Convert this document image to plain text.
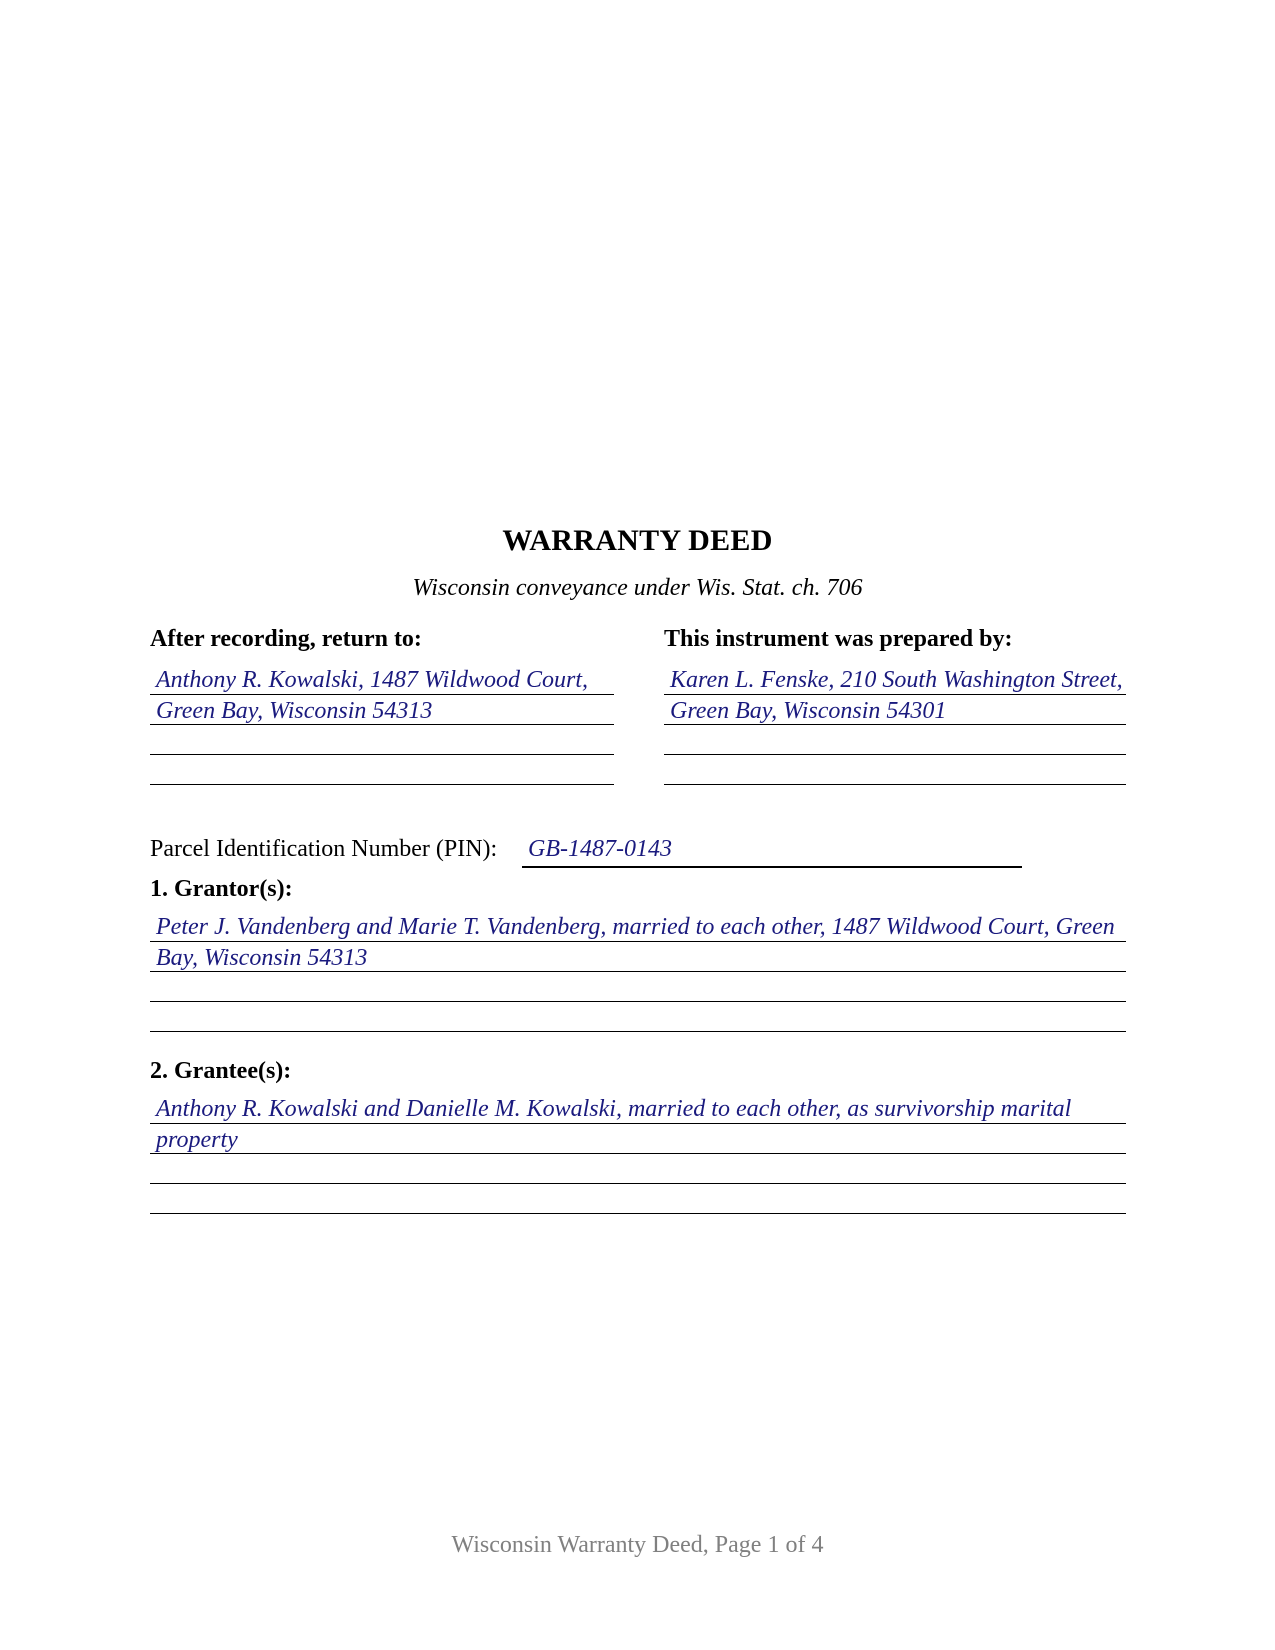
WARRANTY DEED
Wisconsin conveyance under Wis. Stat. ch. 706
After recording, return to:
Anthony R. Kowalski, 1487 Wildwood Court, Green Bay, Wisconsin 54313
This instrument was prepared by:
Karen L. Fenske, 210 South Washington Street, Green Bay, Wisconsin 54301
Parcel Identification Number (PIN): GB-1487-0143
1. Grantor(s):
Peter J. Vandenberg and Marie T. Vandenberg, married to each other, 1487 Wildwood Court, Green Bay, Wisconsin 54313
2. Grantee(s):
Anthony R. Kowalski and Danielle M. Kowalski, married to each other, as survivorship marital property
Wisconsin Warranty Deed, Page 1 of 4
